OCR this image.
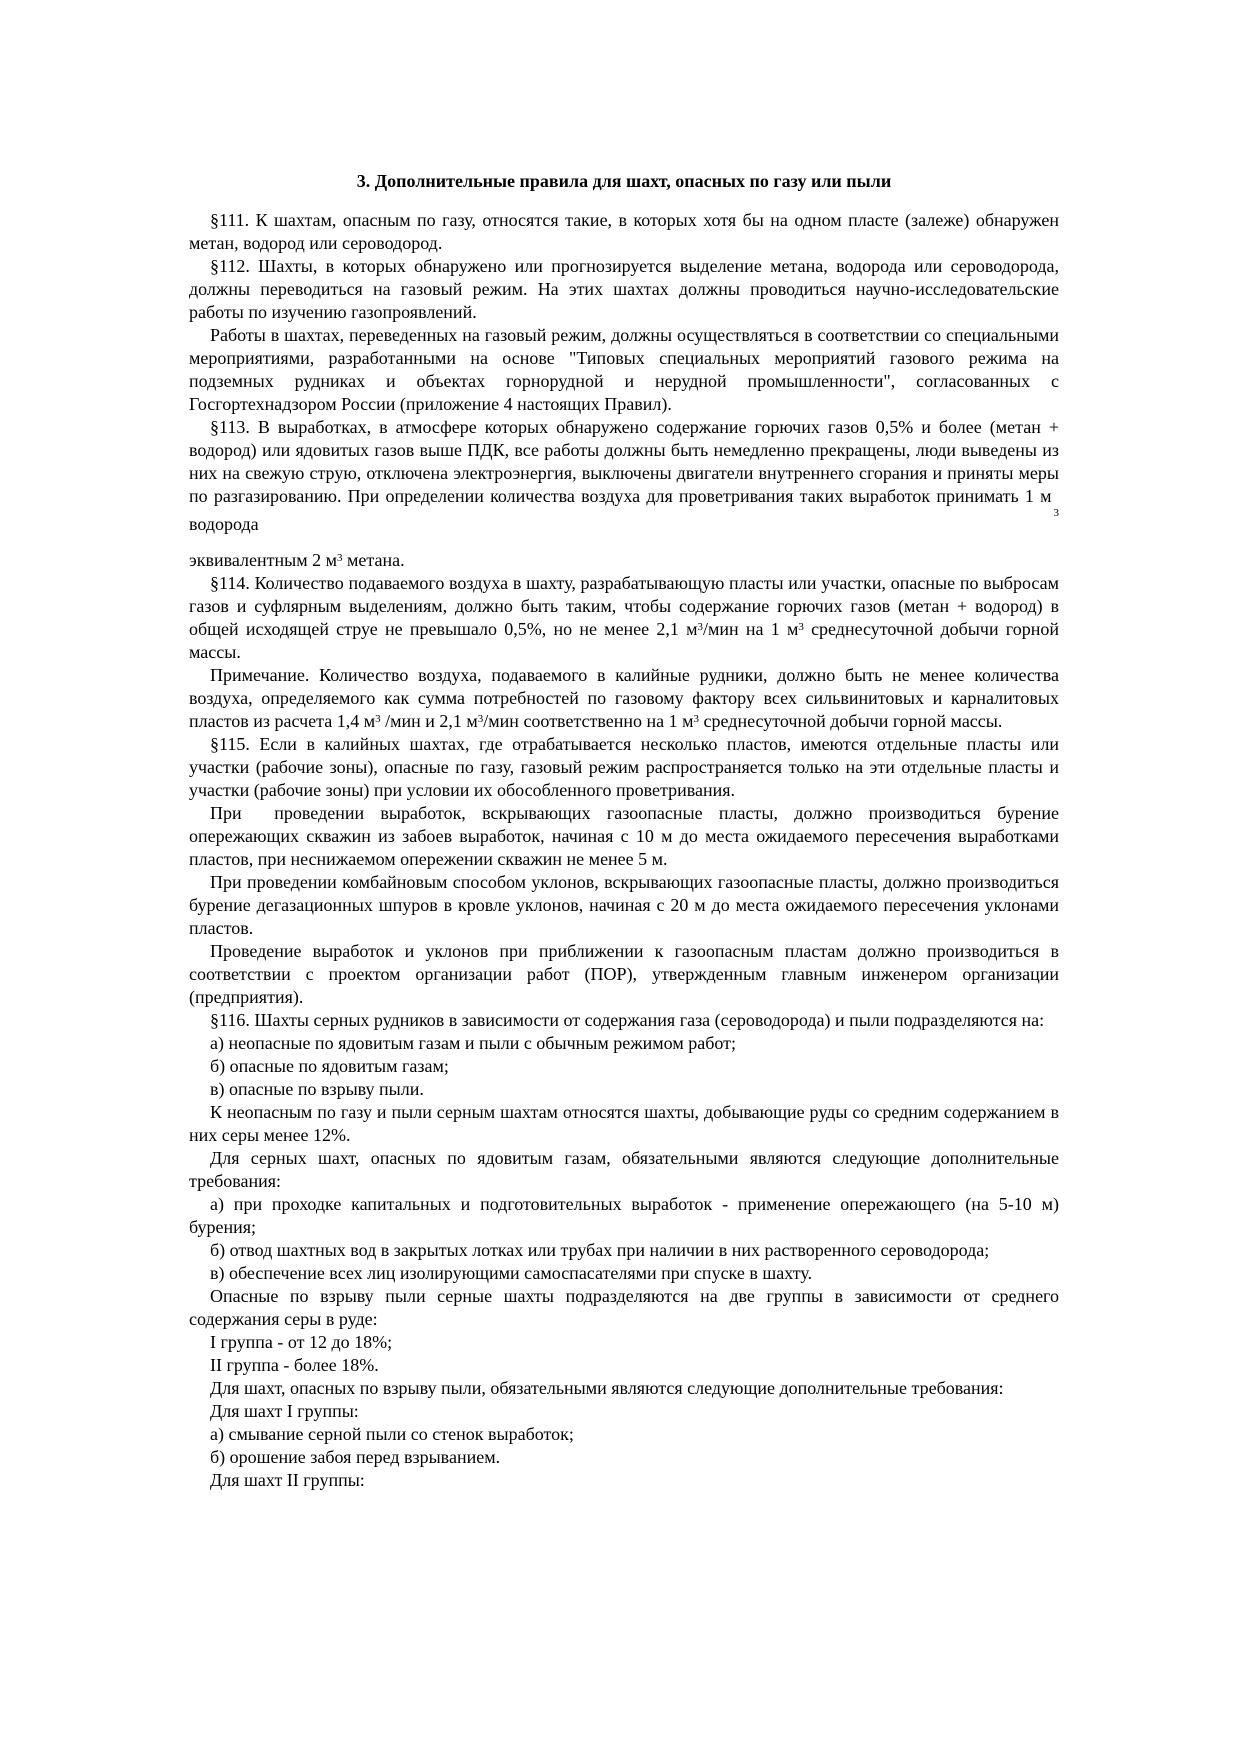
3. Дополнительные правила для шахт, опасных по газу или пыли

§111. К шахтам, опасным по газу, относятся такие, в которых хотя бы на одном пласте (залеже) обнаружен метан, водород или сероводород.

§112. Шахты, в которых обнаружено или прогнозируется выделение метана, водорода или сероводорода, должны переводиться на газовый режим. На этих шахтах должны проводиться научно-исследовательские работы по изучению газопроявлений.

Работы в шахтах, переведенных на газовый режим, должны осуществляться в соответствии со специальными мероприятиями, разработанными на основе "Типовых специальных мероприятий газового режима на подземных рудниках и объектах горнорудной и нерудной промышленности", согласованных с Госгортехнадзором России (приложение 4 настоящих Правил).

§113. В выработках, в атмосфере которых обнаружено содержание горючих газов 0,5% и более (метан + водород) или ядовитых газов выше ПДК, все работы должны быть немедленно прекращены, люди выведены из них на свежую струю, отключена электроэнергия, выключены двигатели внутреннего сгорания и приняты меры по разгазированию. При определении количества воздуха для проветривания таких выработок принимать 1 $м_3$ водорода

эквивалентным 2 $м^3$ метана.

§114. Количество подаваемого воздуха в шахту, разрабатывающую пласты или участки, опасные по выбросам газов и суфлярным выделениям, должно быть таким, чтобы содержание горючих газов (метан + водород) в общей исходящей струе не превышало 0,5%, но не менее 2,1 $м^3$/мин на 1 $м^3$ среднесуточной добычи горной массы.

Примечание. Количество воздуха, подаваемого в калийные рудники, должно быть не менее количества воздуха, определяемого как сумма потребностей по газовому фактору всех сильвинитовых и карналитовых пластов из расчета 1,4 $м^3$ /мин и 2,1 $м^3$/мин соответственно на 1 $м^3$ среднесуточной добычи горной массы.

§115. Если в калийных шахтах, где отрабатывается несколько пластов, имеются отдельные пласты или участки (рабочие зоны), опасные по газу, газовый режим распространяется только на эти отдельные пласты и участки (рабочие зоны) при условии их обособленного проветривания.

При  проведении выработок, вскрывающих газоопасные пласты, должно производиться бурение опережающих скважин из забоев выработок, начиная с 10 м до места ожидаемого пересечения выработками пластов, при неснижаемом опережении скважин не менее 5 м.

При проведении комбайновым способом уклонов, вскрывающих газоопасные пласты, должно производиться бурение дегазационных шпуров в кровле уклонов, начиная с 20 м до места ожидаемого пересечения уклонами пластов.

Проведение выработок и уклонов при приближении к газоопасным пластам должно производиться в соответствии с проектом организации работ (ПОР), утвержденным главным инженером организации (предприятия).

§116. Шахты серных рудников в зависимости от содержания газа (сероводорода) и пыли подразделяются на:

а) неопасные по ядовитым газам и пыли с обычным режимом работ;

б) опасные по ядовитым газам;

в) опасные по взрыву пыли.

К неопасным по газу и пыли серным шахтам относятся шахты, добывающие руды со средним содержанием в них серы менее 12%.

Для серных шахт, опасных по ядовитым газам, обязательными являются следующие дополнительные требования:

а) при проходке капитальных и подготовительных выработок - применение опережающего (на 5-10 м) бурения;

б) отвод шахтных вод в закрытых лотках или трубах при наличии в них растворенного сероводорода;

в) обеспечение всех лиц изолирующими самоспасателями при спуске в шахту.

Опасные по взрыву пыли серные шахты подразделяются на две группы в зависимости от среднего содержания серы в руде:

I группа - от 12 до 18%;

II группа - более 18%.

Для шахт, опасных по взрыву пыли, обязательными являются следующие дополнительные требования:

Для шахт I группы:

а) смывание серной пыли со стенок выработок;

б) орошение забоя перед взрыванием.

Для шахт II группы:
